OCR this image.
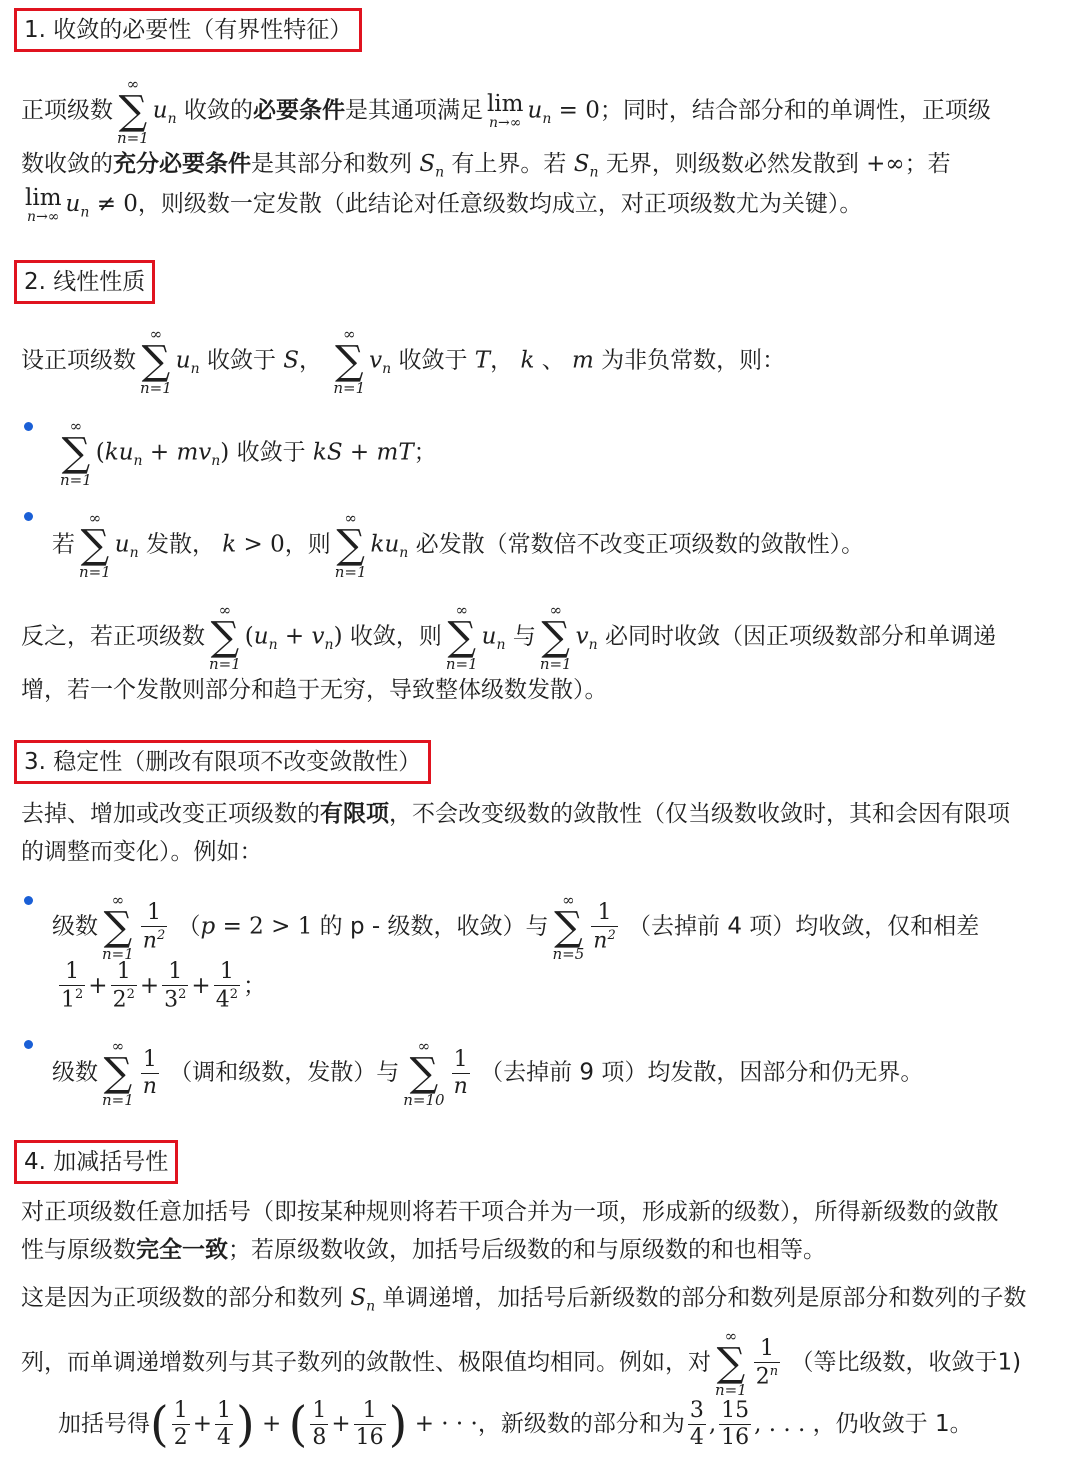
1. 收敛的必要性（有界性特征）
正项级数
∞
∑
n=1
$u_n$ 收敛的必要条件是其通项满足 lim
n→∞ $u_n = 0$；同时，结合部分和的单调性，正项级
数收敛的充分必要条件是其部分和数列 $S_n$ 有上界。若 $S_n$ 无界，则级数必然发散到 +∞；若
lim
n→∞ $u_n \ne 0$，则级数一定发散（此结论对任意级数均成立，对正项级数尤为关键）。
2. 线性性质
设正项级数
∞
∑
n=1
$u_n$ 收敛于 S，
∞
∑
n=1
$v_n$ 收敛于 T， k 、 m 为非负常数，则：
∞
∑
n=1
$(ku_n + mv_n)$ 收敛于 kS + mT；
若
∞
∑
n=1
$u_n$ 发散， k > 0，则
∞
∑
n=1
$ku_n$ 必发散（常数倍不改变正项级数的敛散性）。
反之，若正项级数
∞
∑
n=1
$(u_n + v_n)$ 收敛，则
∞
∑
n=1
$u_n$ 与
∞
∑
n=1
$v_n$ 必同时收敛（因正项级数部分和单调递
增，若一个发散则部分和趋于无穷，导致整体级数发散）。
3. 稳定性（删改有限项不改变敛散性）
去掉、增加或改变正项级数的有限项，不会改变级数的敛散性（仅当级数收敛时，其和会因有限项
的调整而变化）。例如：
级数
∞
∑
n=1
$\frac{1}{n^2} (p = 2 > 1$ 的 p - 级数，收敛）与
∞
∑
n=5
$\frac{1}{n^2}$ （去掉前 4 项）均收敛，仅和相差
$\frac{1}{1^2} + \frac{1}{2^2} + \frac{1}{3^2} + \frac{1}{4^2}$ ；
级数
∞
∑
n=1
$\frac{1}{n}$ （调和级数，发散）与
∞
∑
n=10
$\frac{1}{n}$ （去掉前 9 项）均发散，因部分和仍无界。
4. 加减括号性
对正项级数任意加括号（即按某种规则将若干项合并为一项，形成新的级数），所得新级数的敛散
性与原级数完全一致；若原级数收敛，加括号后级数的和与原级数的和也相等。
这是因为正项级数的部分和数列 $S_n$ 单调递增，加括号后新级数的部分和数列是原部分和数列的子数
列，而单调递增数列与其子数列的敛散性、极限值均相同。例如，对
∞
∑
n=1
$\frac{1}{2^n}$ （等比级数，收敛于1)
加括号得( $\frac{1}{2} + \frac{1}{4}$ ) + ( $\frac{1}{8} + \frac{1}{16}$ ) + · · ·，新级数的部分和为 $\frac{3}{4}$ , $\frac{15}{16}$ , . . . ，仍收敛于 1。
